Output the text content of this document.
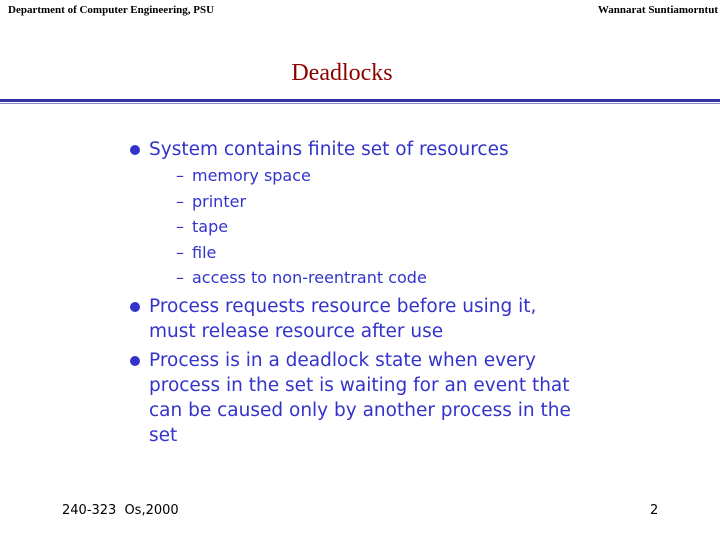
Department of Computer Engineering, PSU	Wannarat Suntiamorntut
Deadlocks
System contains finite set of resources
– memory space
– printer
– tape
– file
– access to non-reentrant code
Process requests resource before using it, must release resource after use
Process is in a deadlock state when every process in the set is waiting for an event that can be caused only by another process in the set
240-323 Os,2000	2
